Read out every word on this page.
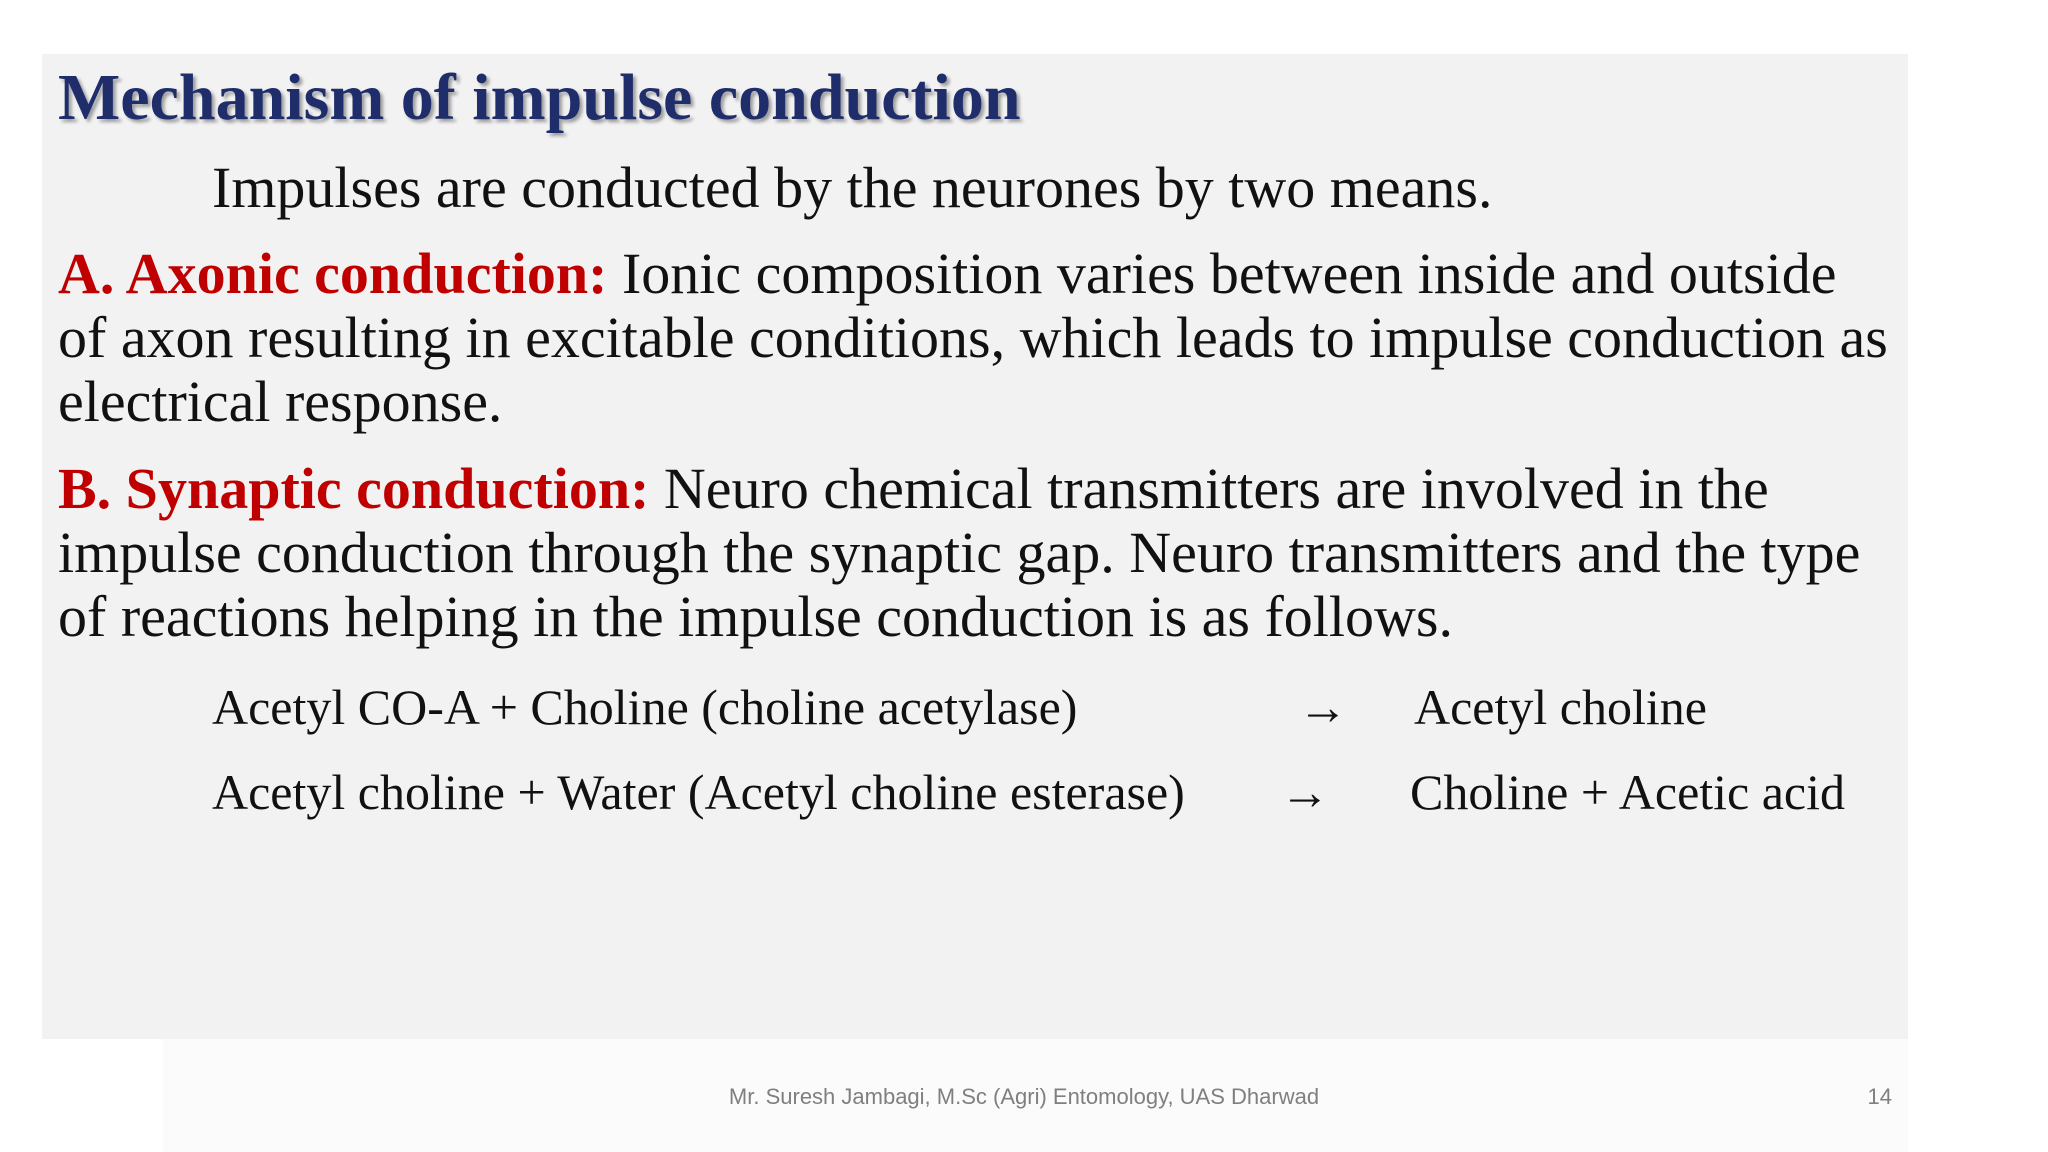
Mechanism of impulse conduction

Impulses are conducted by the neurones by two means.

A. Axonic conduction: Ionic composition varies between inside and outside of axon resulting in excitable conditions, which leads to impulse conduction as electrical response.

B. Synaptic conduction: Neuro chemical transmitters are involved in the impulse conduction through the synaptic gap. Neuro transmitters and the type of reactions helping in the impulse conduction is as follows.

Acetyl CO-A + Choline (choline acetylase)	→ Acetyl choline
Acetyl choline + Water (Acetyl choline esterase) → Choline + Acetic acid
Mr. Suresh Jambagi, M.Sc (Agri) Entomology, UAS Dharwad	14
